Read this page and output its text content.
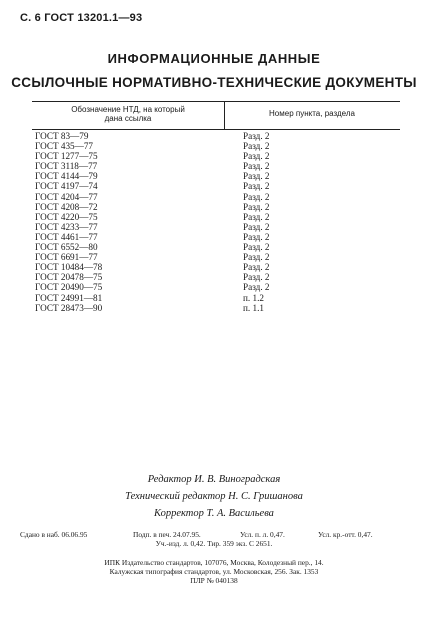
С. 6 ГОСТ 13201.1—93
ИНФОРМАЦИОННЫЕ ДАННЫЕ
ССЫЛОЧНЫЕ НОРМАТИВНО-ТЕХНИЧЕСКИЕ ДОКУМЕНТЫ
Обозначение НТД, на который
дана ссылка
Номер пункта, раздела
ГОСТ 83—79	Разд. 2
ГОСТ 435—77	Разд. 2
ГОСТ 1277—75	Разд. 2
ГОСТ 3118—77	Разд. 2
ГОСТ 4144—79	Разд. 2
ГОСТ 4197—74	Разд. 2
ГОСТ 4204—77	Разд. 2
ГОСТ 4208—72	Разд. 2
ГОСТ 4220—75	Разд. 2
ГОСТ 4233—77	Разд. 2
ГОСТ 4461—77	Разд. 2
ГОСТ 6552—80	Разд. 2
ГОСТ 6691—77	Разд. 2
ГОСТ 10484—78	Разд. 2
ГОСТ 20478—75	Разд. 2
ГОСТ 20490—75	Разд. 2
ГОСТ 24991—81	п. 1.2
ГОСТ 28473—90	п. 1.1
Редактор И. В. Виноградская
Технический редактор Н. С. Гришанова
Корректор Т. А. Васильева
Сдано в наб. 06.06.95	Подп. в печ. 24.07.95.	Усл. п. л. 0,47.	Усл. кр.-отт. 0,47.
Уч.-изд. л. 0,42. Тир. 359 экз. С 2651.
ИПК Издательство стандартов, 107076, Москва, Колодезный пер., 14.
Калужская типография стандартов, ул. Московская, 256. Зак. 1353
ПЛР № 040138
